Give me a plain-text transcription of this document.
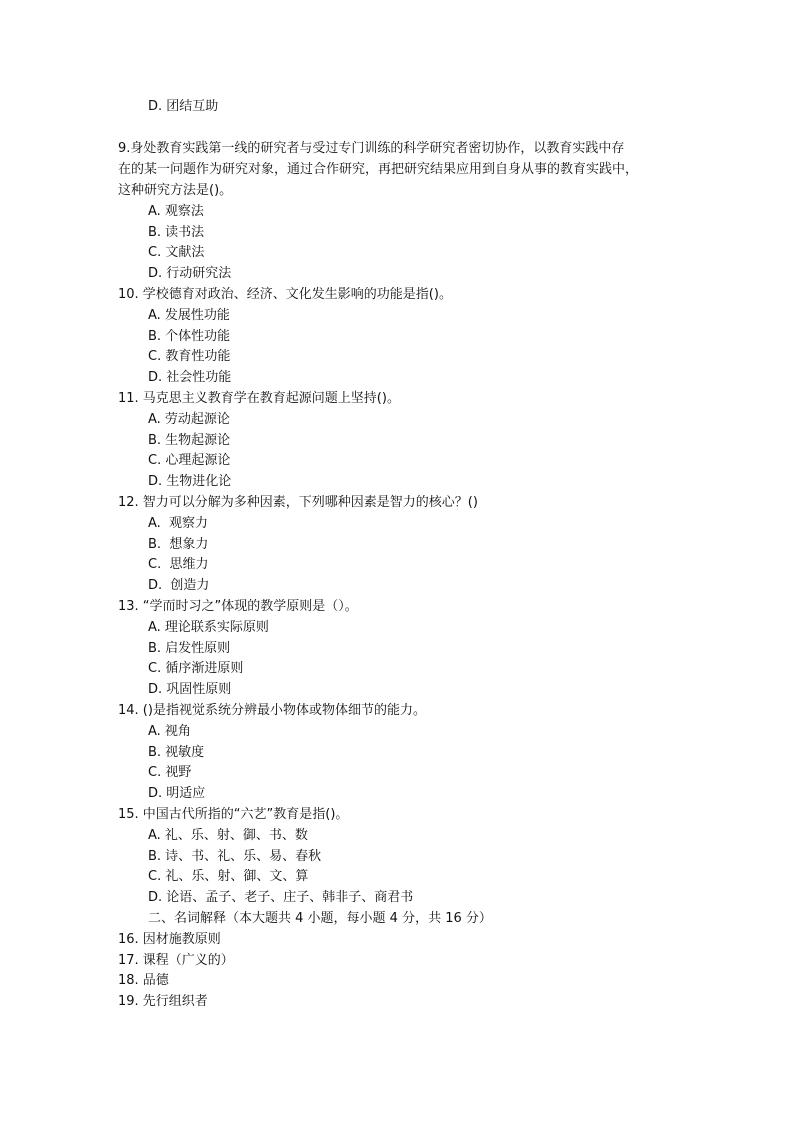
D. 团结互助
9.身处教育实践第一线的研究者与受过专门训练的科学研究者密切协作，以教育实践中存
在的某一问题作为研究对象，通过合作研究，再把研究结果应用到自身从事的教育实践中，
这种研究方法是()。
A. 观察法
B. 读书法
C. 文献法
D. 行动研究法
10. 学校德育对政治、经济、文化发生影响的功能是指()。
A. 发展性功能
B. 个体性功能
C. 教育性功能
D. 社会性功能
11. 马克思主义教育学在教育起源问题上坚持()。
A. 劳动起源论
B. 生物起源论
C. 心理起源论
D. 生物进化论
12. 智力可以分解为多种因素，下列哪种因素是智力的核心？()
A.  观察力
B.  想象力
C.  思维力
D.  创造力
13. “学而时习之”体现的教学原则是（）。
A. 理论联系实际原则
B. 启发性原则
C. 循序渐进原则
D. 巩固性原则
14. ()是指视觉系统分辨最小物体或物体细节的能力。
A. 视角
B. 视敏度
C. 视野
D. 明适应
15. 中国古代所指的“六艺”教育是指()。
A. 礼、乐、射、御、书、数
B. 诗、书、礼、乐、易、春秋
C. 礼、乐、射、御、文、算
D. 论语、孟子、老子、庄子、韩非子、商君书
二、名词解释（本大题共 4 小题，每小题 4 分，共 16 分）
16. 因材施教原则
17. 课程（广义的）
18. 品德
19. 先行组织者
